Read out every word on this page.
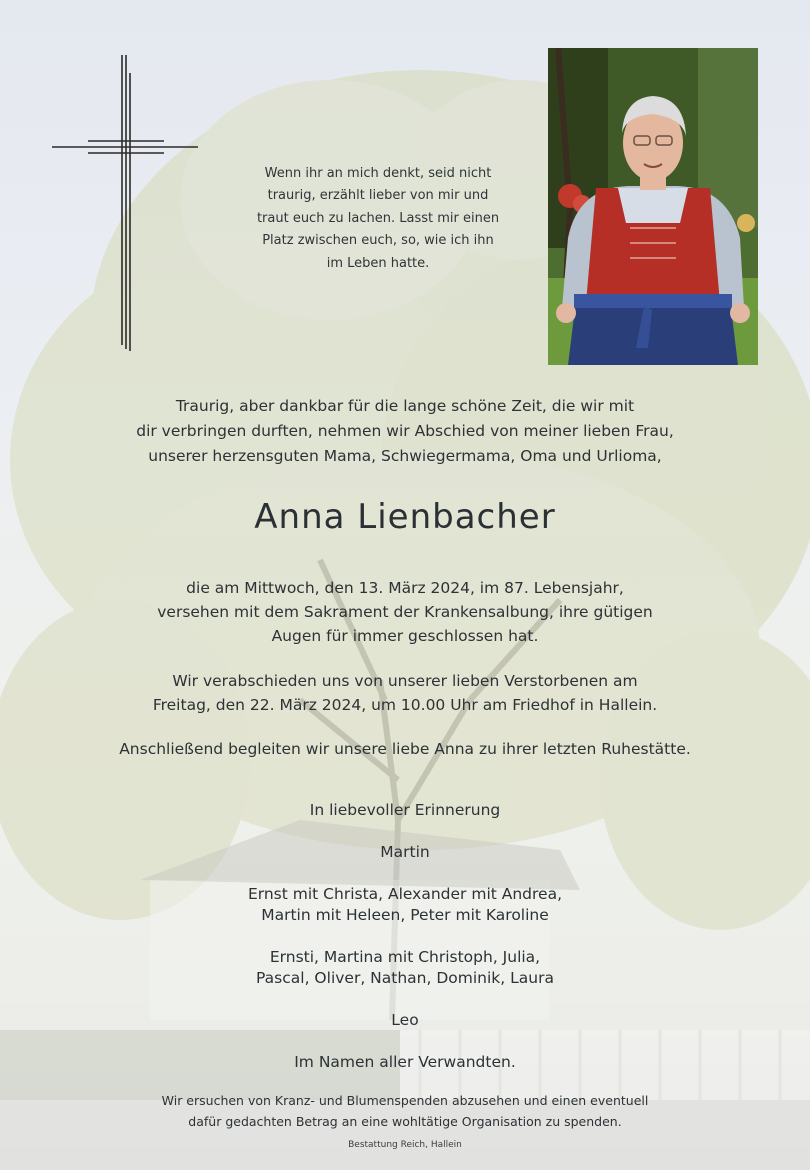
Wenn ihr an mich denkt, seid nicht
traurig, erzählt lieber von mir und
traut euch zu lachen. Lasst mir einen
Platz zwischen euch, so, wie ich ihn
im Leben hatte.
Traurig, aber dankbar für die lange schöne Zeit, die wir mit
dir verbringen durften, nehmen wir Abschied von meiner lieben Frau,
unserer herzensguten Mama, Schwiegermama, Oma und Urlioma,
Anna Lienbacher
die am Mittwoch, den 13. März 2024, im 87. Lebensjahr,
versehen mit dem Sakrament der Krankensalbung, ihre gütigen
Augen für immer geschlossen hat.
Wir verabschieden uns von unserer lieben Verstorbenen am
Freitag, den 22. März 2024, um 10.00 Uhr am Friedhof in Hallein.
Anschließend begleiten wir unsere liebe Anna zu ihrer letzten Ruhestätte.

In liebevoller Erinnerung

Martin

Ernst mit Christa, Alexander mit Andrea,

Martin mit Heleen, Peter mit Karoline

Ernsti, Martina mit Christoph, Julia,

Pascal, Oliver, Nathan, Dominik, Laura

Leo

Im Namen aller Verwandten.

Wir ersuchen von Kranz- und Blumenspenden abzusehen und einen eventuell
dafür gedachten Betrag an eine wohltätige Organisation zu spenden.
Bestattung Reich, Hallein
